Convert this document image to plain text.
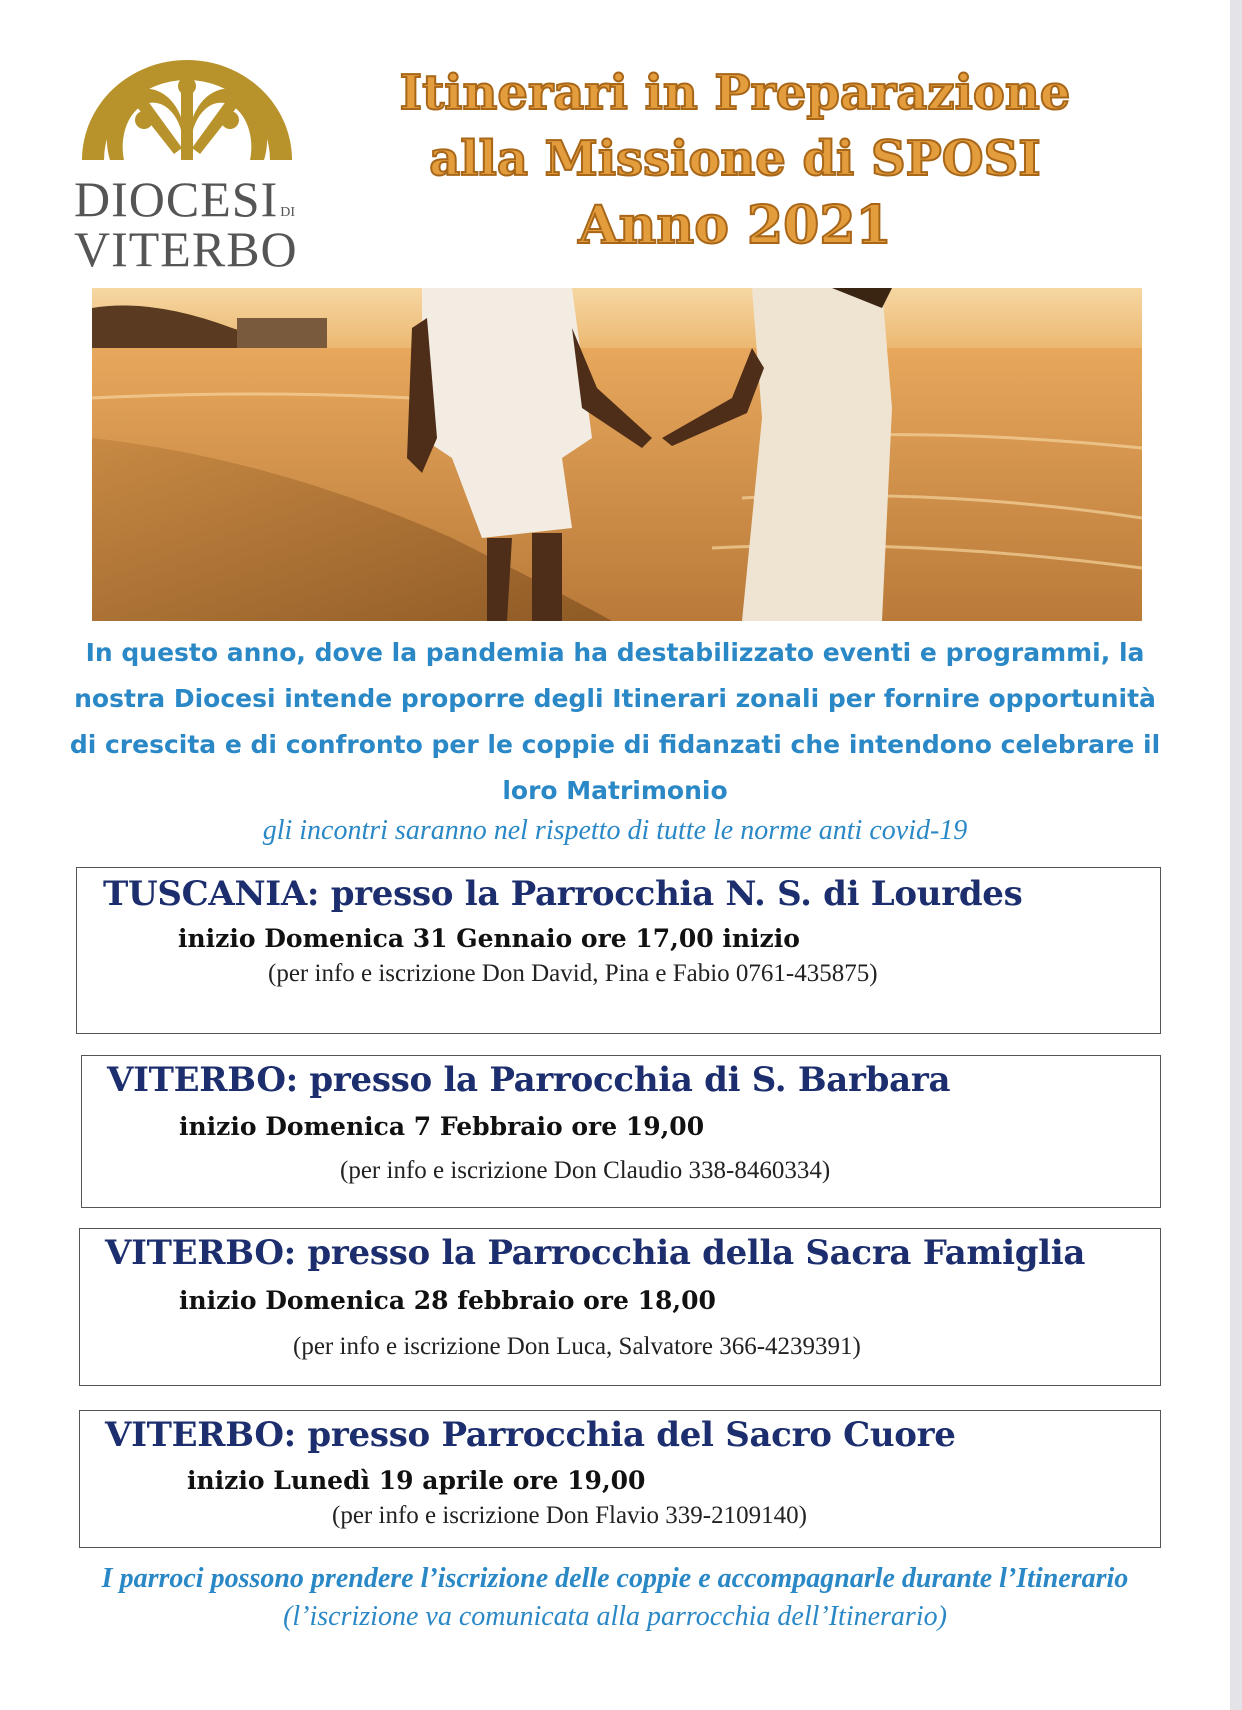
DIOCESI DI
VITERBO
Itinerari in Preparazione
alla Missione di SPOSI
Anno 2021
In questo anno, dove la pandemia ha destabilizzato eventi e programmi, la nostra Diocesi intende proporre degli Itinerari zonali per fornire opportunità di crescita e di confronto per le coppie di fidanzati che intendono celebrare il loro Matrimonio
gli incontri saranno nel rispetto di tutte le norme anti covid-19
TUSCANIA: presso la Parrocchia N. S. di Lourdes
inizio Domenica 31 Gennaio ore 17,00 inizio
(per info e iscrizione Don David, Pina e Fabio 0761-435875)
VITERBO: presso la Parrocchia di S. Barbara
inizio Domenica 7 Febbraio ore 19,00
(per info e iscrizione Don Claudio 338-8460334)
VITERBO: presso la Parrocchia della Sacra Famiglia
inizio Domenica 28 febbraio ore 18,00
(per info e iscrizione Don Luca, Salvatore 366-4239391)
VITERBO: presso Parrocchia del Sacro Cuore
inizio Lunedì 19 aprile ore 19,00
(per info e iscrizione Don Flavio 339-2109140)
I parroci possono prendere l’iscrizione delle coppie e accompagnarle durante l’Itinerario (l’iscrizione va comunicata alla parrocchia dell’Itinerario)
